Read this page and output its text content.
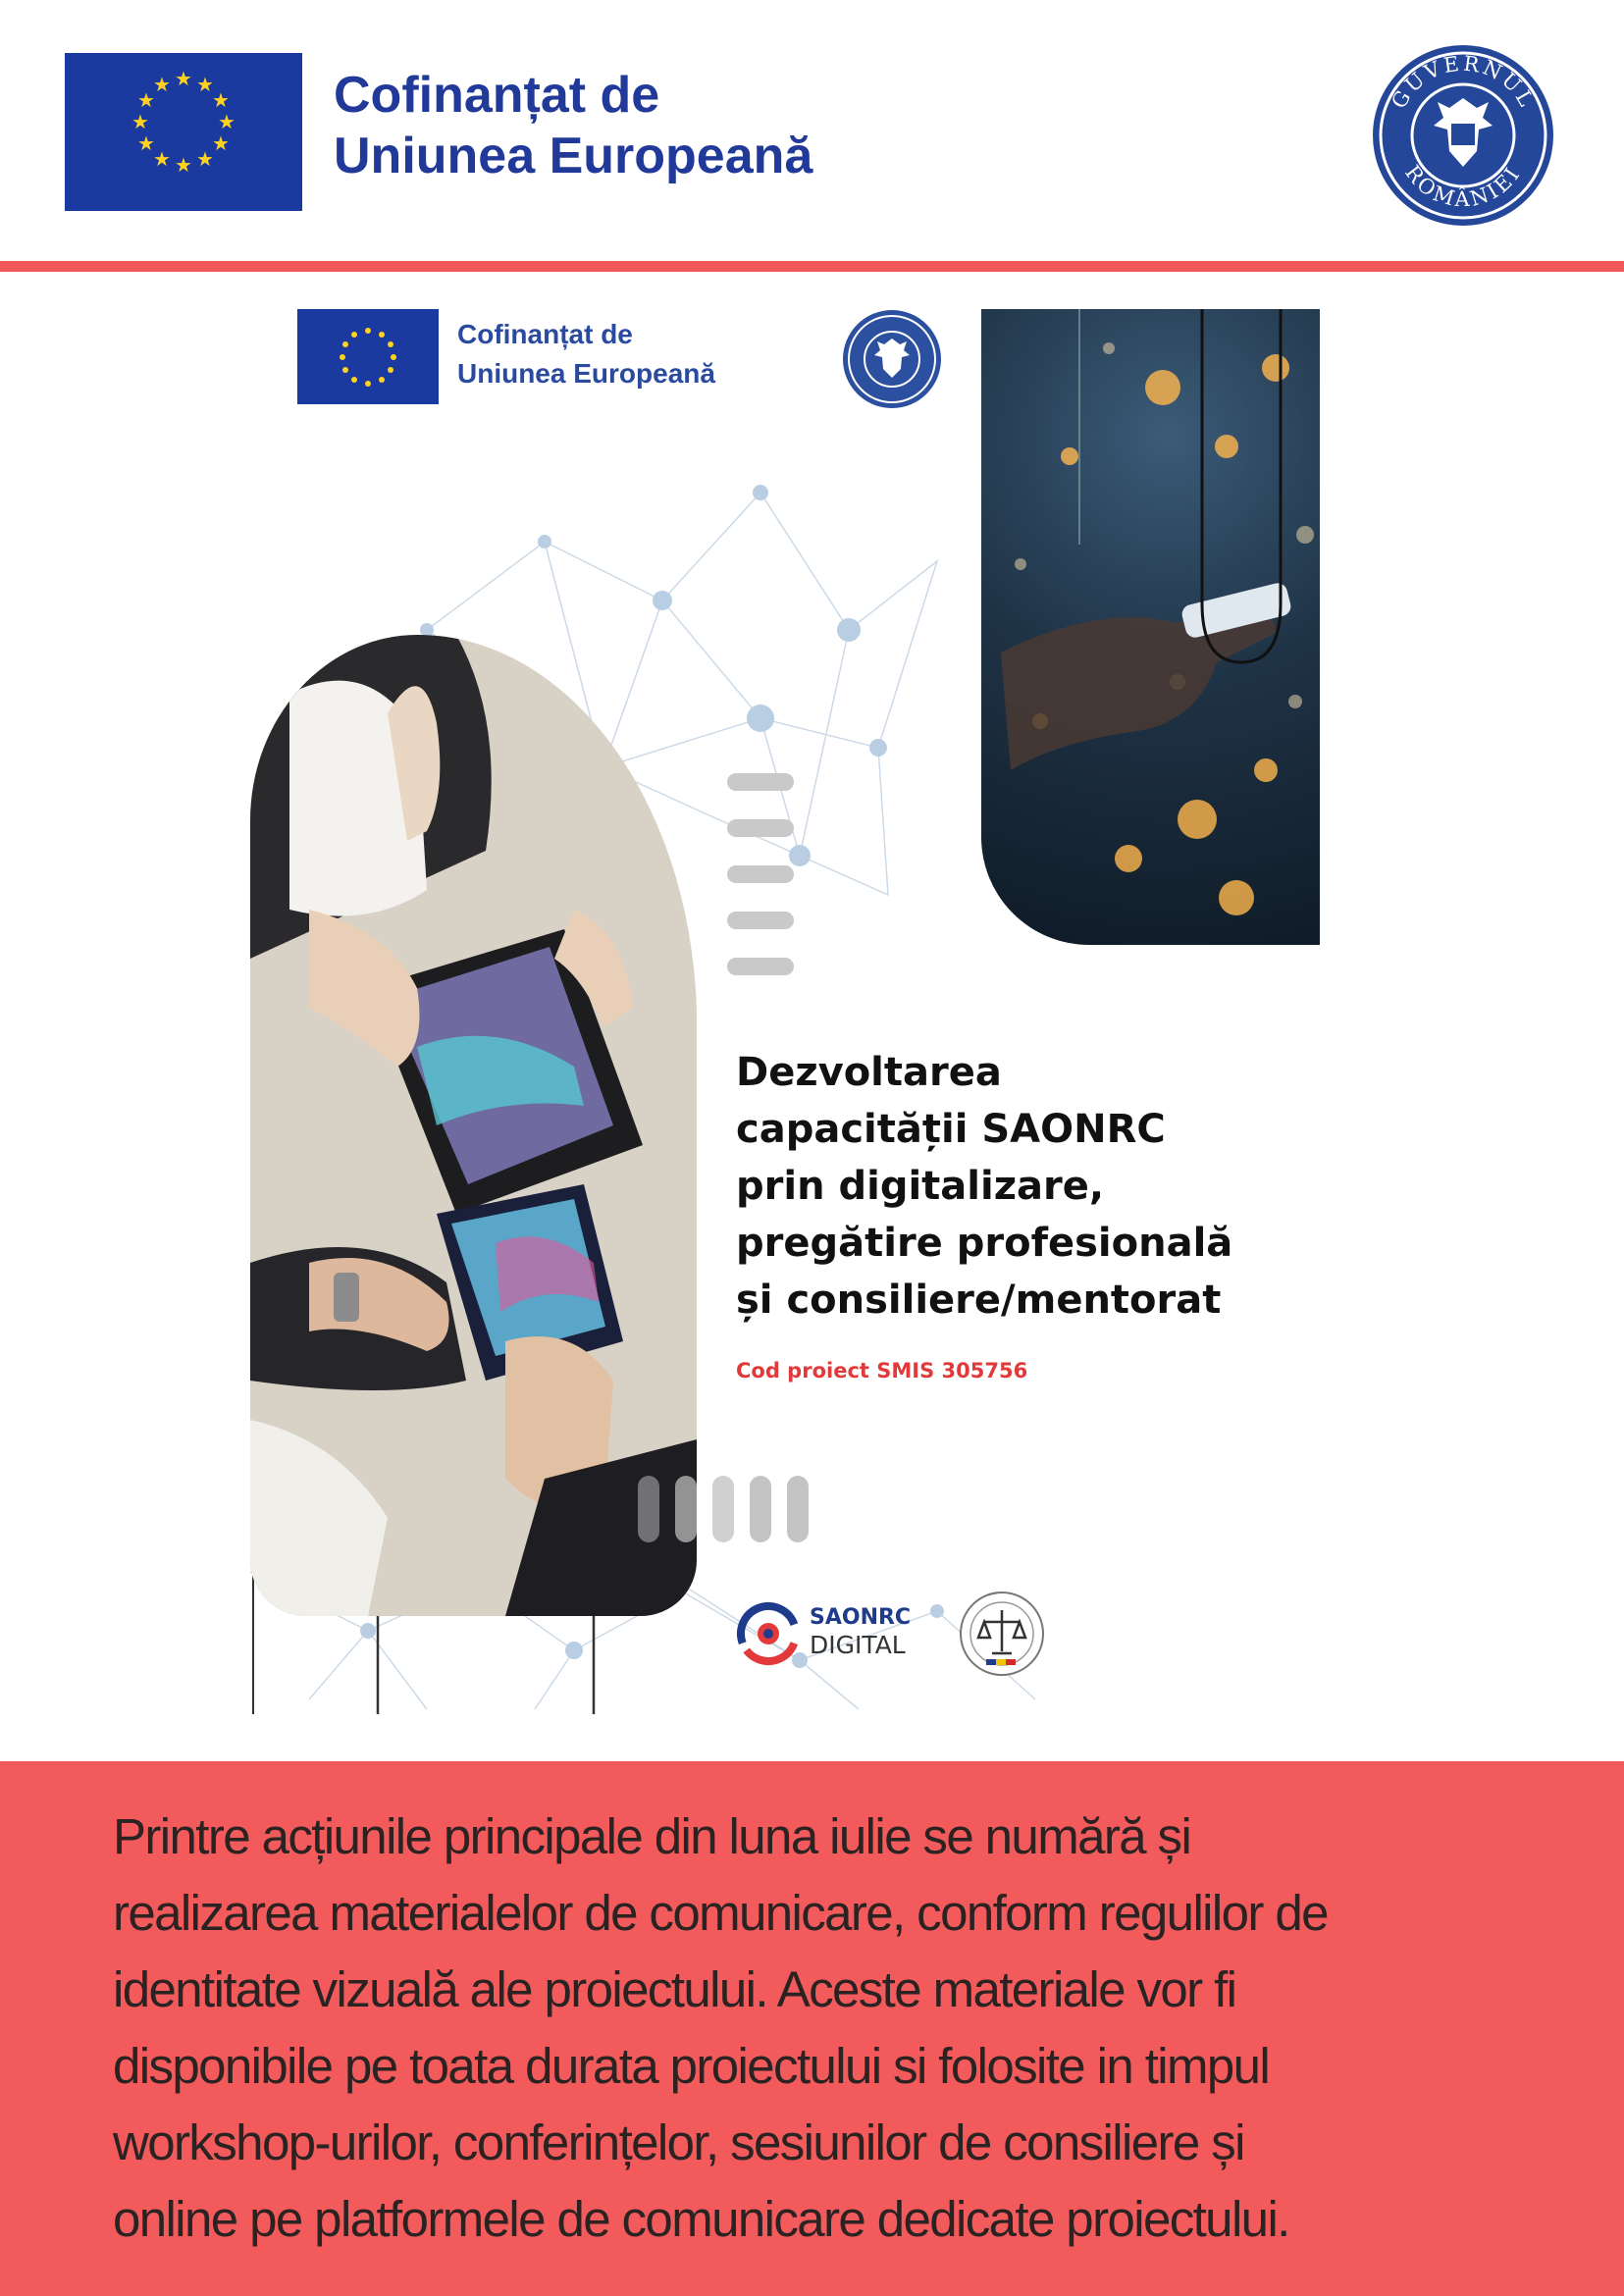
★ ★
★
★
★
★
★
★
★
★
★
★	Cofinanțat de
Uniunea Europeană
GUVERNUL
ROMÂNIEI
Cofinanțat de
Uniunea Europeană
Dezvoltarea
capacității SAONRC
prin digitalizare,
pregătire profesională
și consiliere/mentorat
Cod proiect SMIS 305756
SAONRC
DIGITAL
Printre acțiunile principale din luna iulie se numără și
realizarea materialelor de comunicare, conform regulilor de
identitate vizuală ale proiectului. Aceste materiale vor fi
disponibile pe toata durata proiectului si folosite in timpul
workshop-urilor, conferințelor, sesiunilor de consiliere și
online pe platformele de comunicare dedicate proiectului.
